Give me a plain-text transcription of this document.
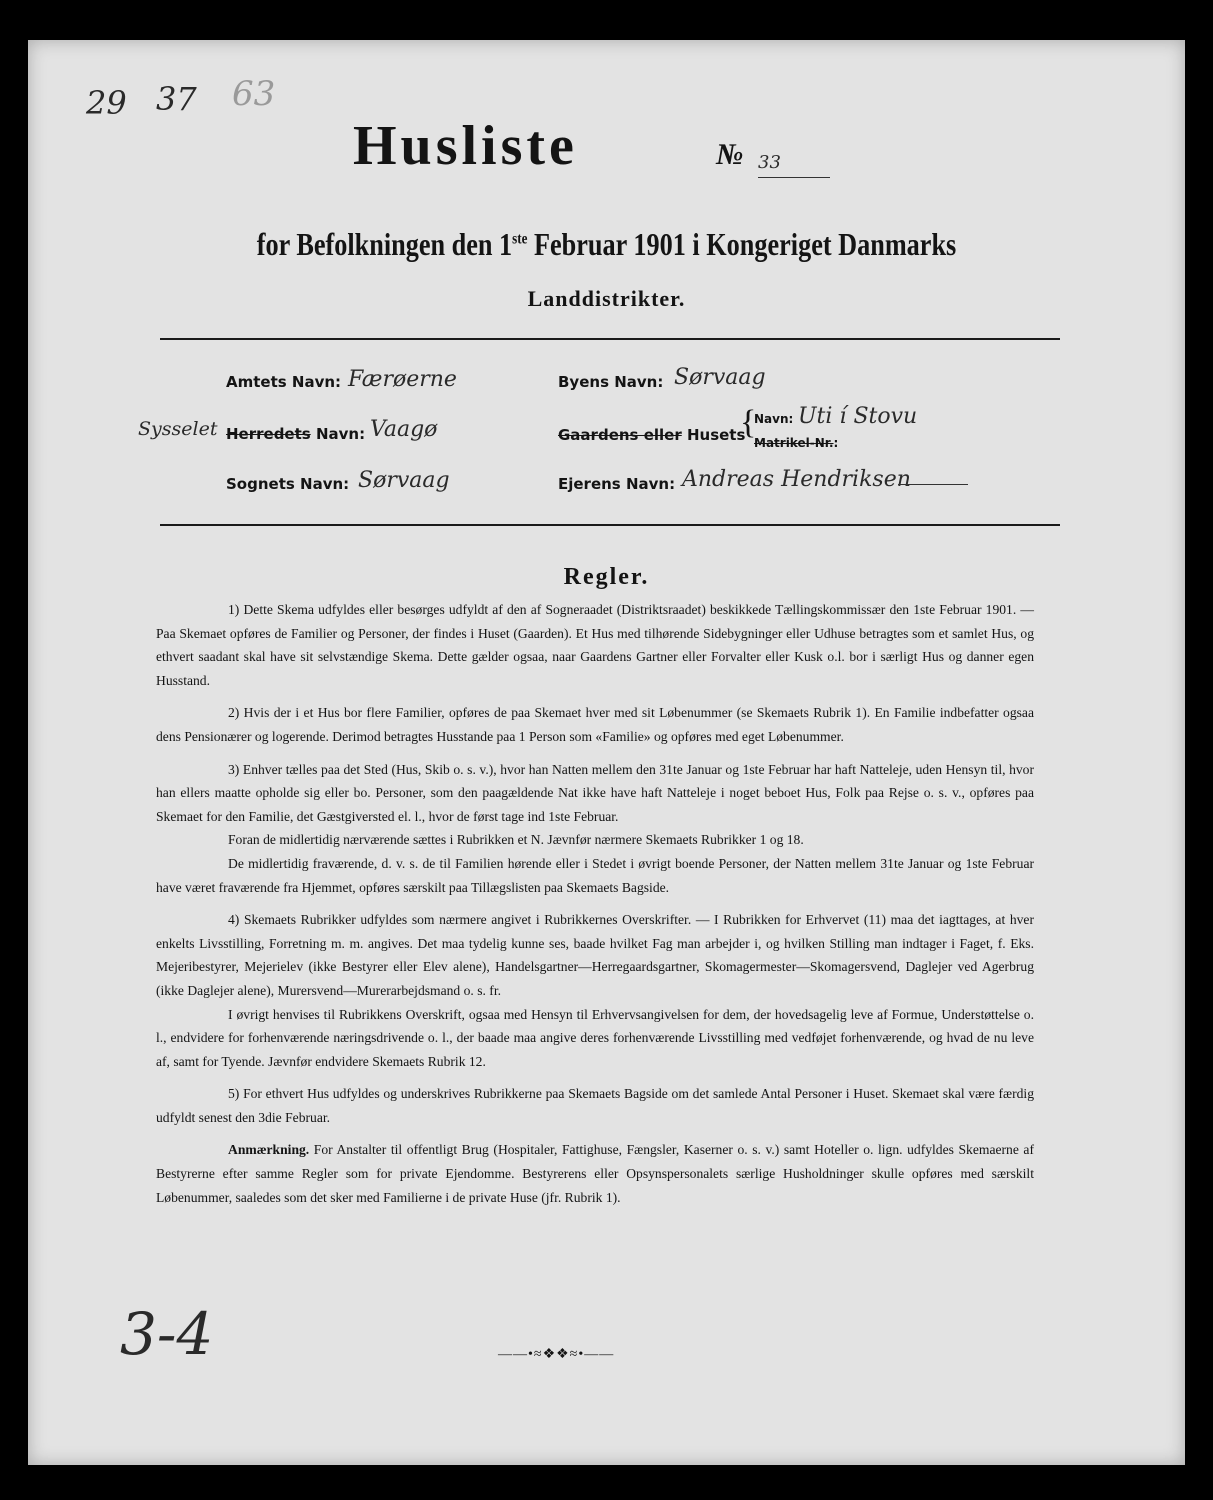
29 37 63
Husliste	№ 33
for Befolkningen den 1ste Februar 1901 i Kongeriget Danmarks
Landdistrikter.
Amtets Navn: Færøerne
Sysselet Herredets Navn: Vaagø
Sognets Navn: Sørvaag
Byens Navn: Sørvaag
Gaardens eller Husets
{
Navn: Uti í Stovu
Matrikel-Nr.:
Ejerens Navn: Andreas Hendriksen
Regler.

1) Dette Skema udfyldes eller besørges udfyldt af den af Sogneraadet (Distriktsraadet) beskikkede Tællingskommissær den 1ste Februar 1901. — Paa Skemaet opføres de Familier og Personer, der findes i Huset (Gaarden). Et Hus med tilhørende Sidebygninger eller Udhuse betragtes som et samlet Hus, og ethvert saadant skal have sit selvstændige Skema. Dette gælder ogsaa, naar Gaardens Gartner eller Forvalter eller Kusk o.l. bor i særligt Hus og danner egen Husstand.

2) Hvis der i et Hus bor flere Familier, opføres de paa Skemaet hver med sit Løbenummer (se Skemaets Rubrik 1). En Familie indbefatter ogsaa dens Pensionærer og logerende. Derimod betragtes Husstande paa 1 Person som «Familie» og opføres med eget Løbenummer.

3) Enhver tælles paa det Sted (Hus, Skib o. s. v.), hvor han Natten mellem den 31te Januar og 1ste Februar har haft Natteleje, uden Hensyn til, hvor han ellers maatte opholde sig eller bo. Personer, som den paagældende Nat ikke have haft Natteleje i noget beboet Hus, Folk paa Rejse o. s. v., opføres paa Skemaet for den Familie, det Gæstgiversted el. l., hvor de først tage ind 1ste Februar.

Foran de midlertidig nærværende sættes i Rubrikken et N. Jævnfør nærmere Skemaets Rubrikker 1 og 18.

De midlertidig fraværende, d. v. s. de til Familien hørende eller i Stedet i øvrigt boende Personer, der Natten mellem 31te Januar og 1ste Februar have været fraværende fra Hjemmet, opføres særskilt paa Tillægslisten paa Skemaets Bagside.

4) Skemaets Rubrikker udfyldes som nærmere angivet i Rubrikkernes Overskrifter. — I Rubrikken for Erhvervet (11) maa det iagttages, at hver enkelts Livsstilling, Forretning m. m. angives. Det maa tydelig kunne ses, baade hvilket Fag man arbejder i, og hvilken Stilling man indtager i Faget, f. Eks. Mejeribestyrer, Mejerielev (ikke Bestyrer eller Elev alene), Handelsgartner—Herregaardsgartner, Skomagermester—Skomagersvend, Daglejer ved Agerbrug (ikke Daglejer alene), Murersvend—Murerarbejdsmand o. s. fr.

I øvrigt henvises til Rubrikkens Overskrift, ogsaa med Hensyn til Erhvervsangivelsen for dem, der hovedsagelig leve af Formue, Understøttelse o. l., endvidere for forhenværende næringsdrivende o. l., der baade maa angive deres forhenværende Livsstilling med vedføjet forhenværende, og hvad de nu leve af, samt for Tyende. Jævnfør endvidere Skemaets Rubrik 12.

5) For ethvert Hus udfyldes og underskrives Rubrikkerne paa Skemaets Bagside om det samlede Antal Personer i Huset. Skemaet skal være færdig udfyldt senest den 3die Februar.

Anmærkning. For Anstalter til offentligt Brug (Hospitaler, Fattighuse, Fængsler, Kaserner o. s. v.) samt Hoteller o. lign. udfyldes Skemaerne af Bestyrerne efter samme Regler som for private Ejendomme. Bestyrerens eller Opsynspersonalets særlige Husholdninger skulle opføres med særskilt Løbenummer, saaledes som det sker med Familierne i de private Huse (jfr. Rubrik 1).

3-4	——•≈❖❖≈•——
